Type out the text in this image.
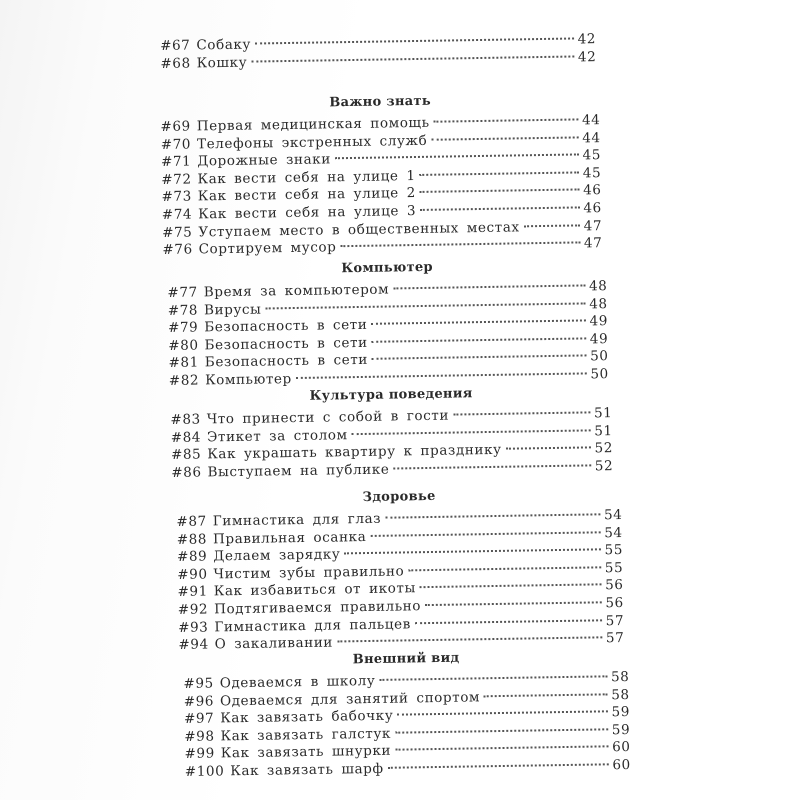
#67 Собаку	42
#68 Кошку	42
Важно знать
#69 Первая медицинская помощь	44
#70 Телефоны экстренных служб	44
#71 Дорожные знаки	45
#72 Как вести себя на улице 1	45
#73 Как вести себя на улице 2	46
#74 Как вести себя на улице 3	46
#75 Уступаем место в общественных местах	47
#76 Сортируем мусор	47
Компьютер
#77 Время за компьютером	48
#78 Вирусы	48
#79 Безопасность в сети	49
#80 Безопасность в сети	49
#81 Безопасность в сети	50
#82 Компьютер	50
Культура поведения
#83 Что принести с собой в гости	51
#84 Этикет за столом	51
#85 Как украшать квартиру к празднику	52
#86 Выступаем на публике	52
Здоровье
#87 Гимнастика для глаз	54
#88 Правильная осанка	54
#89 Делаем зарядку	55
#90 Чистим зубы правильно	55
#91 Как избавиться от икоты	56
#92 Подтягиваемся правильно	56
#93 Гимнастика для пальцев	57
#94 О закаливании	57
Внешний вид
#95 Одеваемся в школу	58
#96 Одеваемся для занятий спортом	58
#97 Как завязать бабочку	59
#98 Как завязать галстук	59
#99 Как завязать шнурки	60
#100 Как завязать шарф	60
